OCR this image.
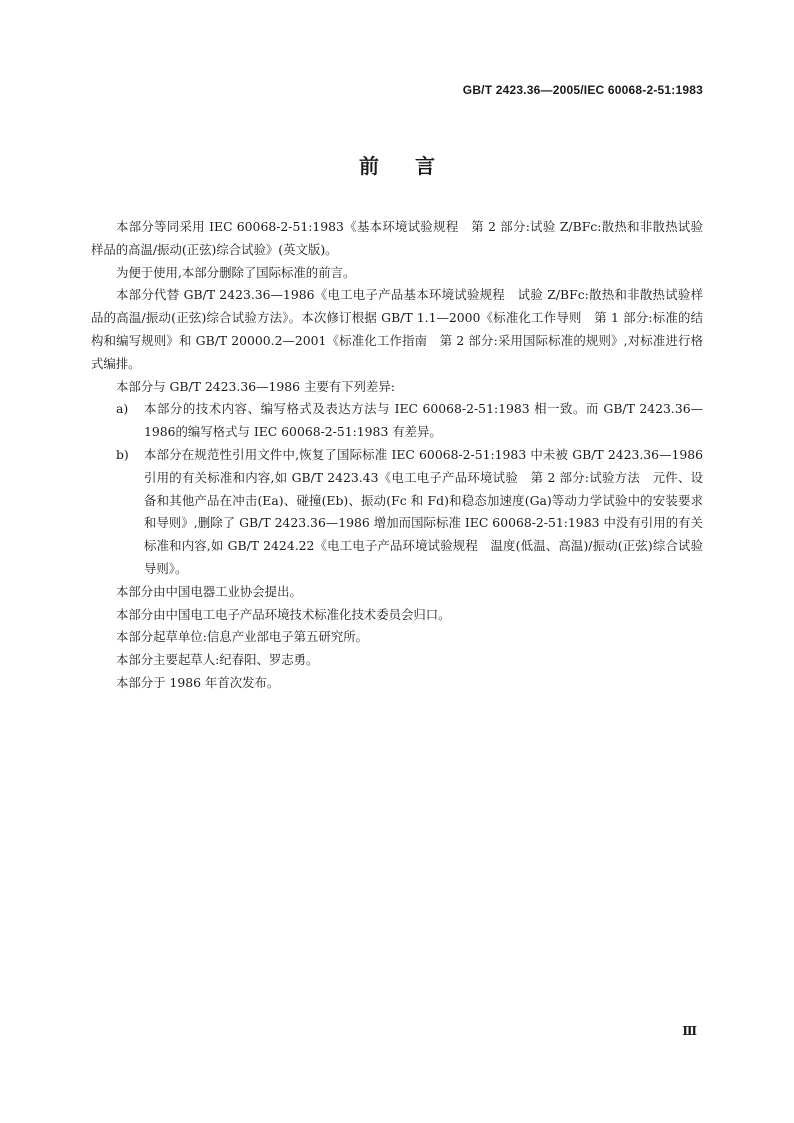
GB/T 2423.36—2005/IEC 60068-2-51:1983
前言

本部分等同采用 IEC 60068-2-51:1983《基本环境试验规程　第 2 部分:试验 Z/BFc:散热和非散热试验样品的高温/振动(正弦)综合试验》(英文版)。

为便于使用,本部分删除了国际标准的前言。

本部分代替 GB/T 2423.36—1986《电工电子产品基本环境试验规程　试验 Z/BFc:散热和非散热试验样品的高温/振动(正弦)综合试验方法》。本次修订根据 GB/T 1.1—2000《标准化工作导则　第 1 部分:标准的结构和编写规则》和 GB/T 20000.2—2001《标准化工作指南　第 2 部分:采用国际标准的规则》,对标准进行格式编排。

本部分与 GB/T 2423.36—1986 主要有下列差异:

a)	本部分的技术内容、编写格式及表达方法与 IEC 60068-2-51:1983 相一致。而 GB/T 2423.36—1986的编写格式与 IEC 60068-2-51:1983 有差异。
b)	本部分在规范性引用文件中,恢复了国际标准 IEC 60068-2-51:1983 中未被 GB/T 2423.36—1986 引用的有关标准和内容,如 GB/T 2423.43《电工电子产品环境试验　第 2 部分:试验方法　元件、设备和其他产品在冲击(Ea)、碰撞(Eb)、振动(Fc 和 Fd)和稳态加速度(Ga)等动力学试验中的安装要求和导则》,删除了 GB/T 2423.36—1986 增加而国际标准 IEC 60068-2-51:1983 中没有引用的有关标准和内容,如 GB/T 2424.22《电工电子产品环境试验规程　温度(低温、高温)/振动(正弦)综合试验导则》。

本部分由中国电器工业协会提出。

本部分由中国电工电子产品环境技术标准化技术委员会归口。

本部分起草单位:信息产业部电子第五研究所。

本部分主要起草人:纪春阳、罗志勇。

本部分于 1986 年首次发布。

Ⅲ
